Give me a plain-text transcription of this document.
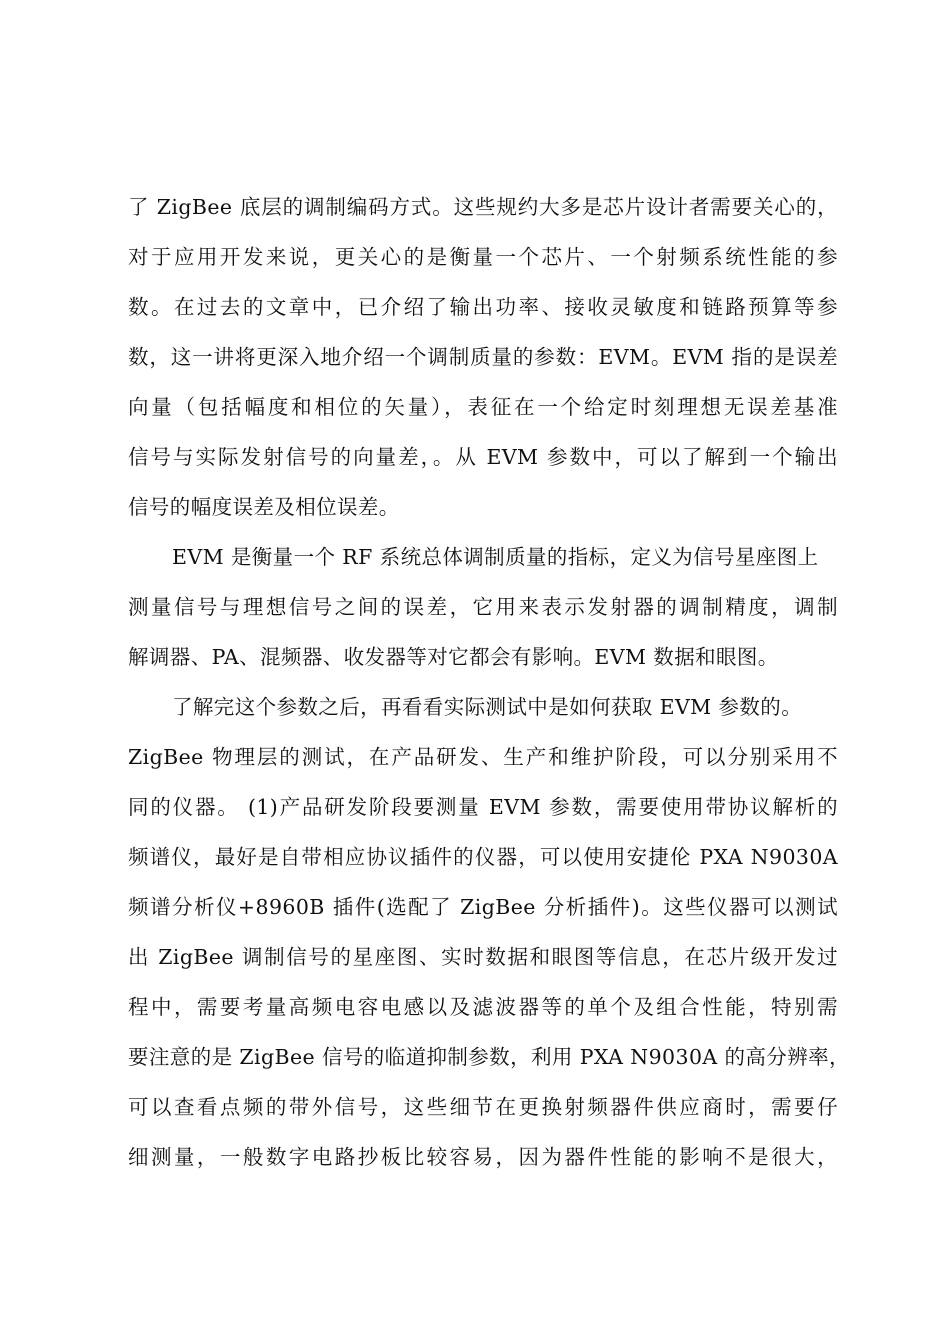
了 ZigBee 底层的调制编码方式。这些规约大多是芯片设计者需要关心的，
对于应用开发来说，更关心的是衡量一个芯片、一个射频系统性能的参
数。在过去的文章中，已介绍了输出功率、接收灵敏度和链路预算等参
数，这一讲将更深入地介绍一个调制质量的参数：EVM。EVM 指的是误差
向量（包括幅度和相位的矢量），表征在一个给定时刻理想无误差基准
信号与实际发射信号的向量差，。从 EVM 参数中，可以了解到一个输出
信号的幅度误差及相位误差。
EVM 是衡量一个 RF 系统总体调制质量的指标，定义为信号星座图上
测量信号与理想信号之间的误差，它用来表示发射器的调制精度，调制
解调器、PA、混频器、收发器等对它都会有影响。EVM 数据和眼图。
了解完这个参数之后，再看看实际测试中是如何获取 EVM 参数的。
ZigBee 物理层的测试，在产品研发、生产和维护阶段，可以分别采用不
同的仪器。 (1)产品研发阶段要测量 EVM 参数，需要使用带协议解析的
频谱仪，最好是自带相应协议插件的仪器，可以使用安捷伦 PXA N9030A
频谱分析仪+8960B 插件(选配了 ZigBee 分析插件)。这些仪器可以测试
出 ZigBee 调制信号的星座图、实时数据和眼图等信息，在芯片级开发过
程中，需要考量高频电容电感以及滤波器等的单个及组合性能，特别需
要注意的是 ZigBee 信号的临道抑制参数，利用 PXA N9030A 的高分辨率，
可以查看点频的带外信号，这些细节在更换射频器件供应商时，需要仔
细测量，一般数字电路抄板比较容易，因为器件性能的影响不是很大，
